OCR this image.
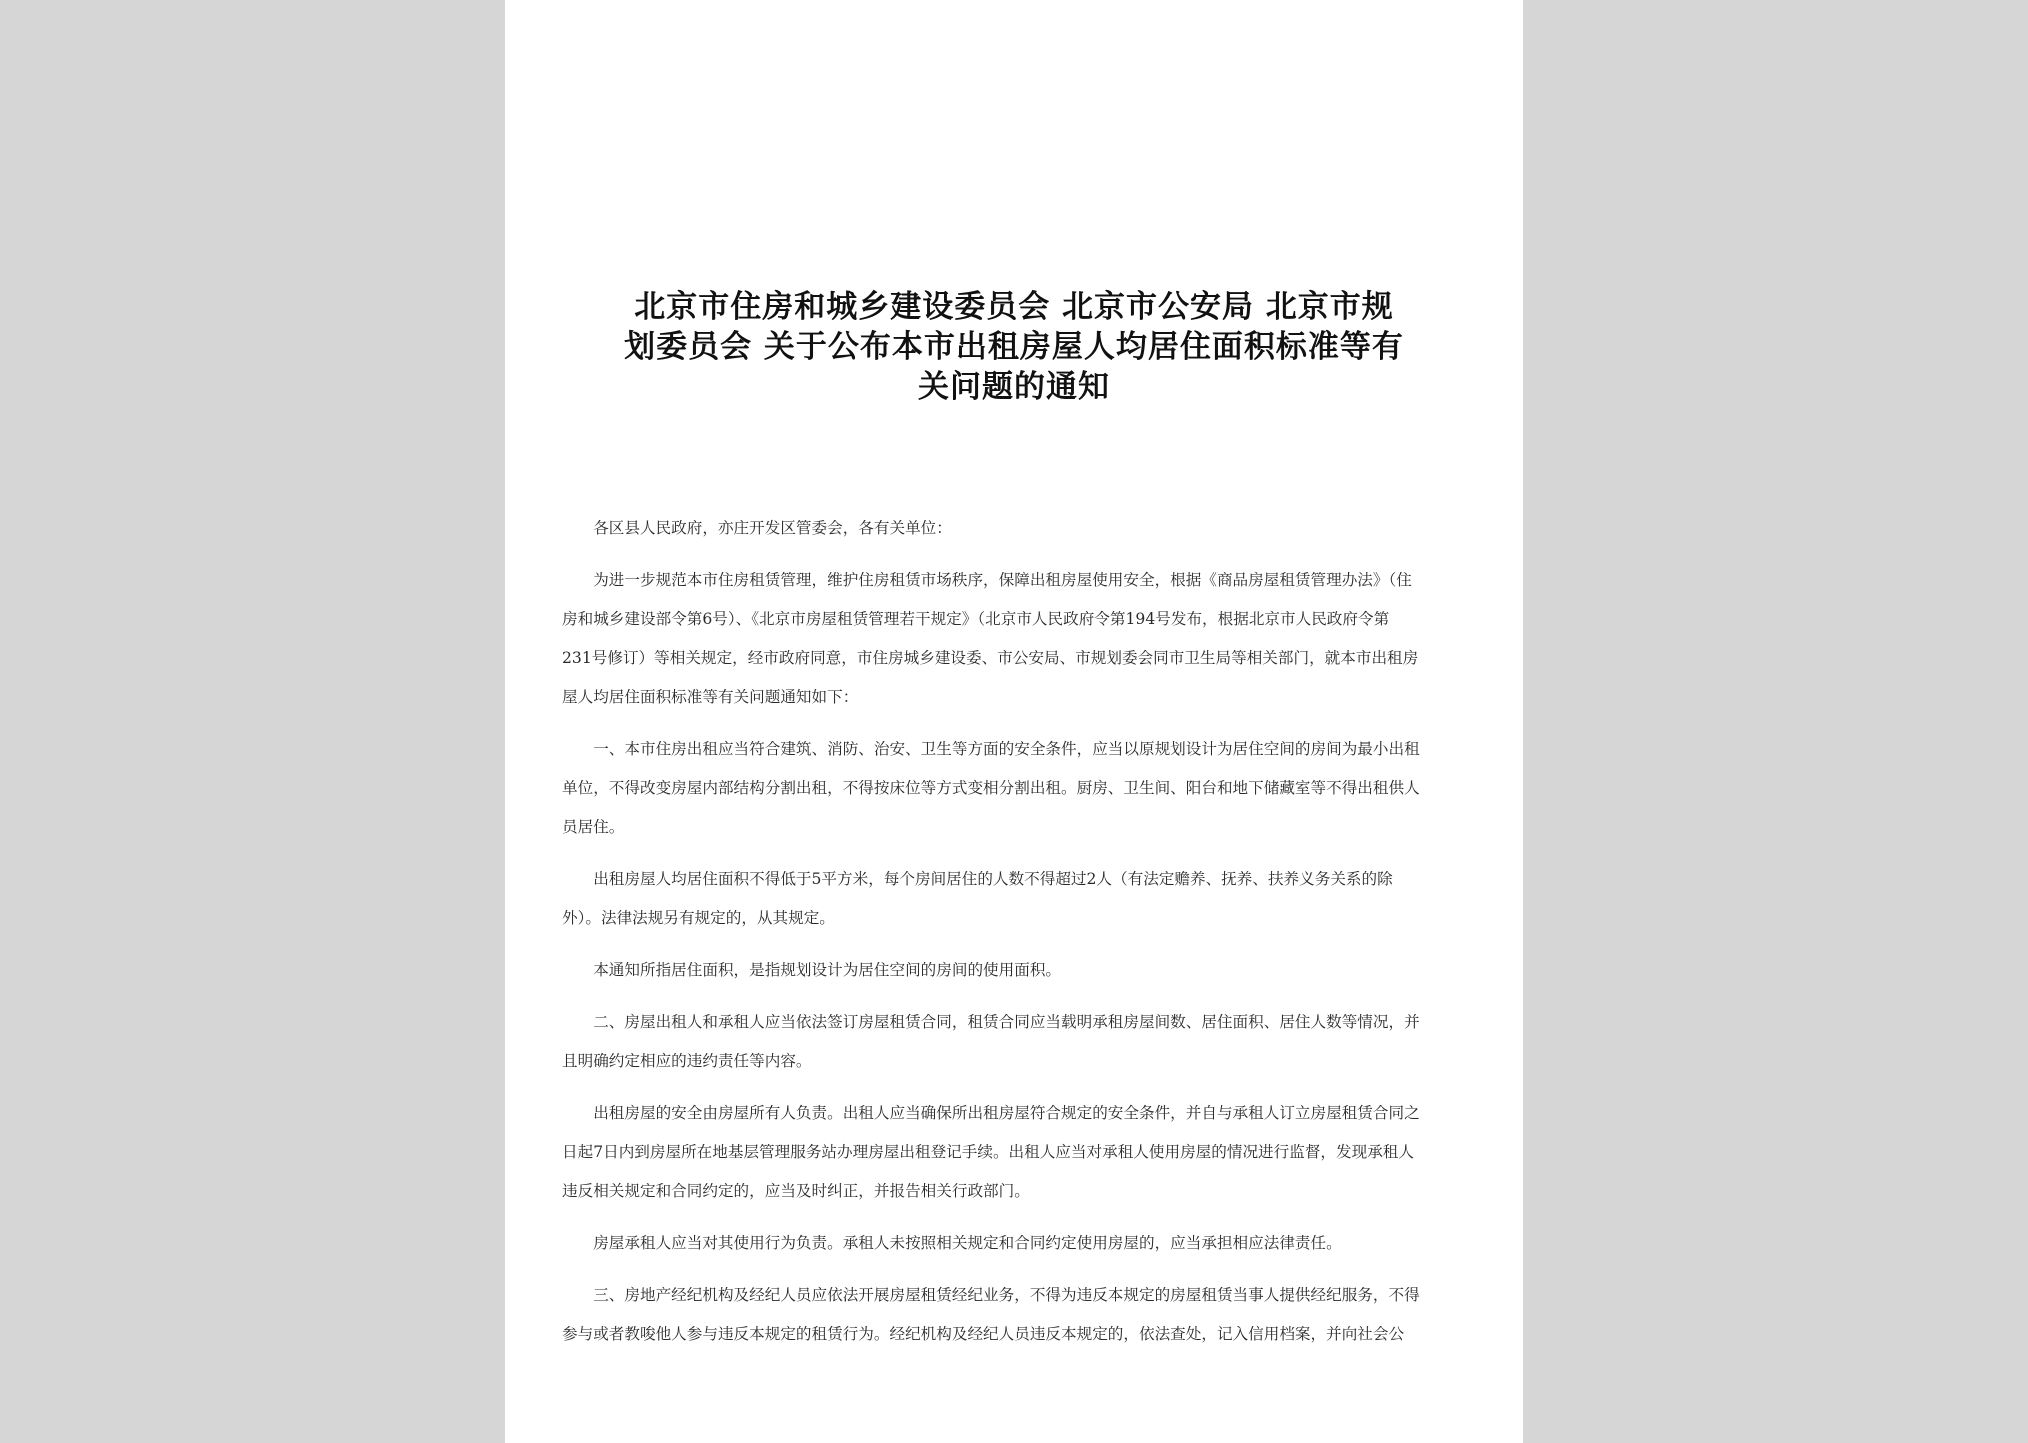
北京市住房和城乡建设委员会 北京市公安局 北京市规
划委员会 关于公布本市出租房屋人均居住面积标准等有
关问题的通知

各区县人民政府，亦庄开发区管委会，各有关单位：

为进一步规范本市住房租赁管理，维护住房租赁市场秩序，保障出租房屋使用安全，根据《商品房屋租赁管理办法》（住
房和城乡建设部令第6号）、《北京市房屋租赁管理若干规定》（北京市人民政府令第194号发布，根据北京市人民政府令第
231号修订）等相关规定，经市政府同意，市住房城乡建设委、市公安局、市规划委会同市卫生局等相关部门，就本市出租房
屋人均居住面积标准等有关问题通知如下：

一、本市住房出租应当符合建筑、消防、治安、卫生等方面的安全条件，应当以原规划设计为居住空间的房间为最小出租
单位，不得改变房屋内部结构分割出租，不得按床位等方式变相分割出租。厨房、卫生间、阳台和地下储藏室等不得出租供人
员居住。

出租房屋人均居住面积不得低于5平方米，每个房间居住的人数不得超过2人（有法定赡养、抚养、扶养义务关系的除
外）。法律法规另有规定的，从其规定。

本通知所指居住面积，是指规划设计为居住空间的房间的使用面积。

二、房屋出租人和承租人应当依法签订房屋租赁合同，租赁合同应当载明承租房屋间数、居住面积、居住人数等情况，并
且明确约定相应的违约责任等内容。

出租房屋的安全由房屋所有人负责。出租人应当确保所出租房屋符合规定的安全条件，并自与承租人订立房屋租赁合同之
日起7日内到房屋所在地基层管理服务站办理房屋出租登记手续。出租人应当对承租人使用房屋的情况进行监督，发现承租人
违反相关规定和合同约定的，应当及时纠正，并报告相关行政部门。

房屋承租人应当对其使用行为负责。承租人未按照相关规定和合同约定使用房屋的，应当承担相应法律责任。

三、房地产经纪机构及经纪人员应依法开展房屋租赁经纪业务，不得为违反本规定的房屋租赁当事人提供经纪服务，不得
参与或者教唆他人参与违反本规定的租赁行为。经纪机构及经纪人员违反本规定的，依法查处，记入信用档案，并向社会公
